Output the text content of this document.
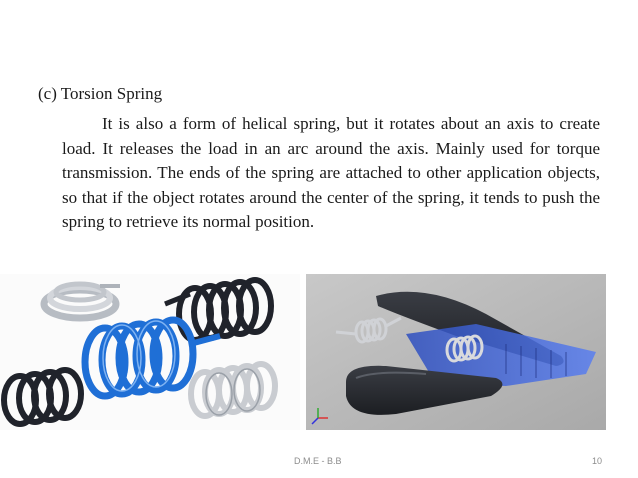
(c) Torsion Spring
It is also a form of helical spring, but it rotates about an axis to create load. It releases the load in an arc around the axis. Mainly used for torque transmission. The ends of the spring are attached to other application objects, so that if the object rotates around the center of the spring, it tends to push the spring to retrieve its normal position.
D.M.E - B.B	10
